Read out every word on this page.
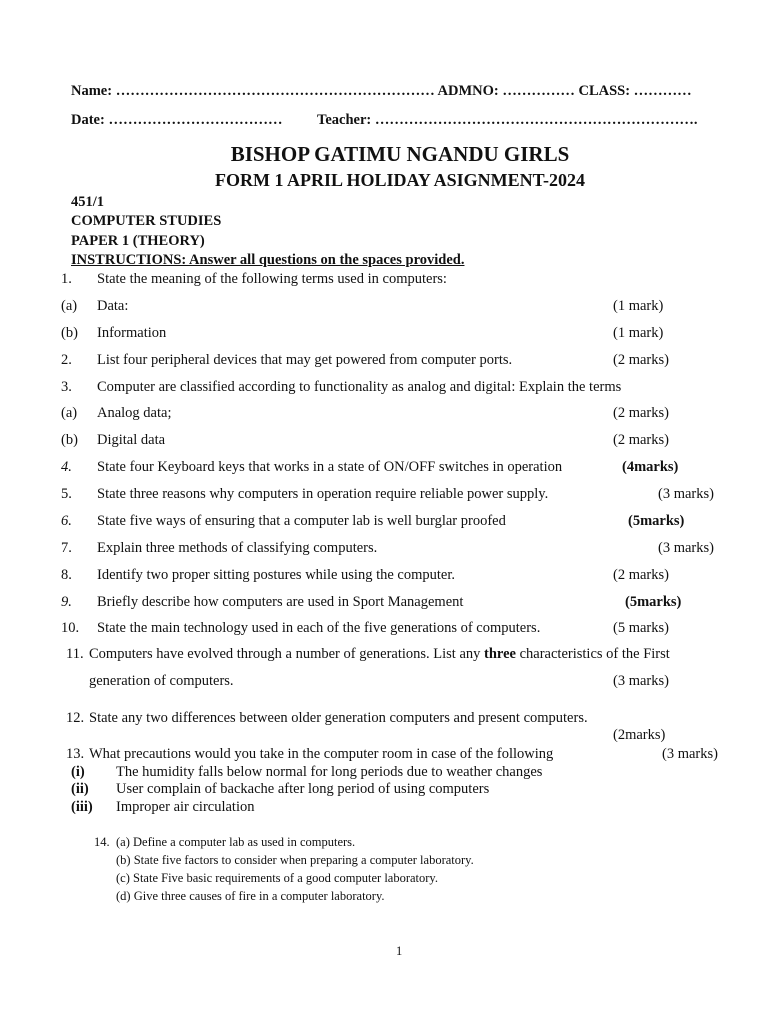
Name: ………………………………………………………… ADMNO: …………… CLASS: …………
Date: ……………………………… Teacher: ………………………………………………………….
BISHOP GATIMU NGANDU GIRLS
FORM 1 APRIL HOLIDAY ASIGNMENT-2024
451/1
COMPUTER STUDIES
PAPER 1 (THEORY)
INSTRUCTIONS: Answer all questions on the spaces provided.
1. State the meaning of the following terms used in computers:
(a) Data:	(1 mark)
(b) Information	(1 mark)
2. List four peripheral devices that may get powered from computer ports.	(2 marks)
3. Computer are classified according to functionality as analog and digital: Explain the terms
(a) Analog data;	(2 marks)
(b) Digital data	(2 marks)
4. State four Keyboard keys that works in a state of ON/OFF switches in operation	(4marks)
5. State three reasons why computers in operation require reliable power supply.	(3 marks)
6. State five ways of ensuring that a computer lab is well burglar proofed	(5marks)
7. Explain three methods of classifying computers.	(3 marks)
8. Identify two proper sitting postures while using the computer.	(2 marks)
9. Briefly describe how computers are used in Sport Management	(5marks)
10. State the main technology used in each of the five generations of computers.	(5 marks)
11. Computers have evolved through a number of generations. List any three characteristics of the First
generation of computers.	(3 marks)
12. State any two differences between older generation computers and present computers.
(2marks)
13. What precautions would you take in the computer room in case of the following	(3 marks)
(i) The humidity falls below normal for long periods due to weather changes
(ii) User complain of backache after long period of using computers
(iii) Improper air circulation
14. (a) Define a computer lab as used in computers.
(b) State five factors to consider when preparing a computer laboratory.
(c) State Five basic requirements of a good computer laboratory.
(d) Give three causes of fire in a computer laboratory.
1
